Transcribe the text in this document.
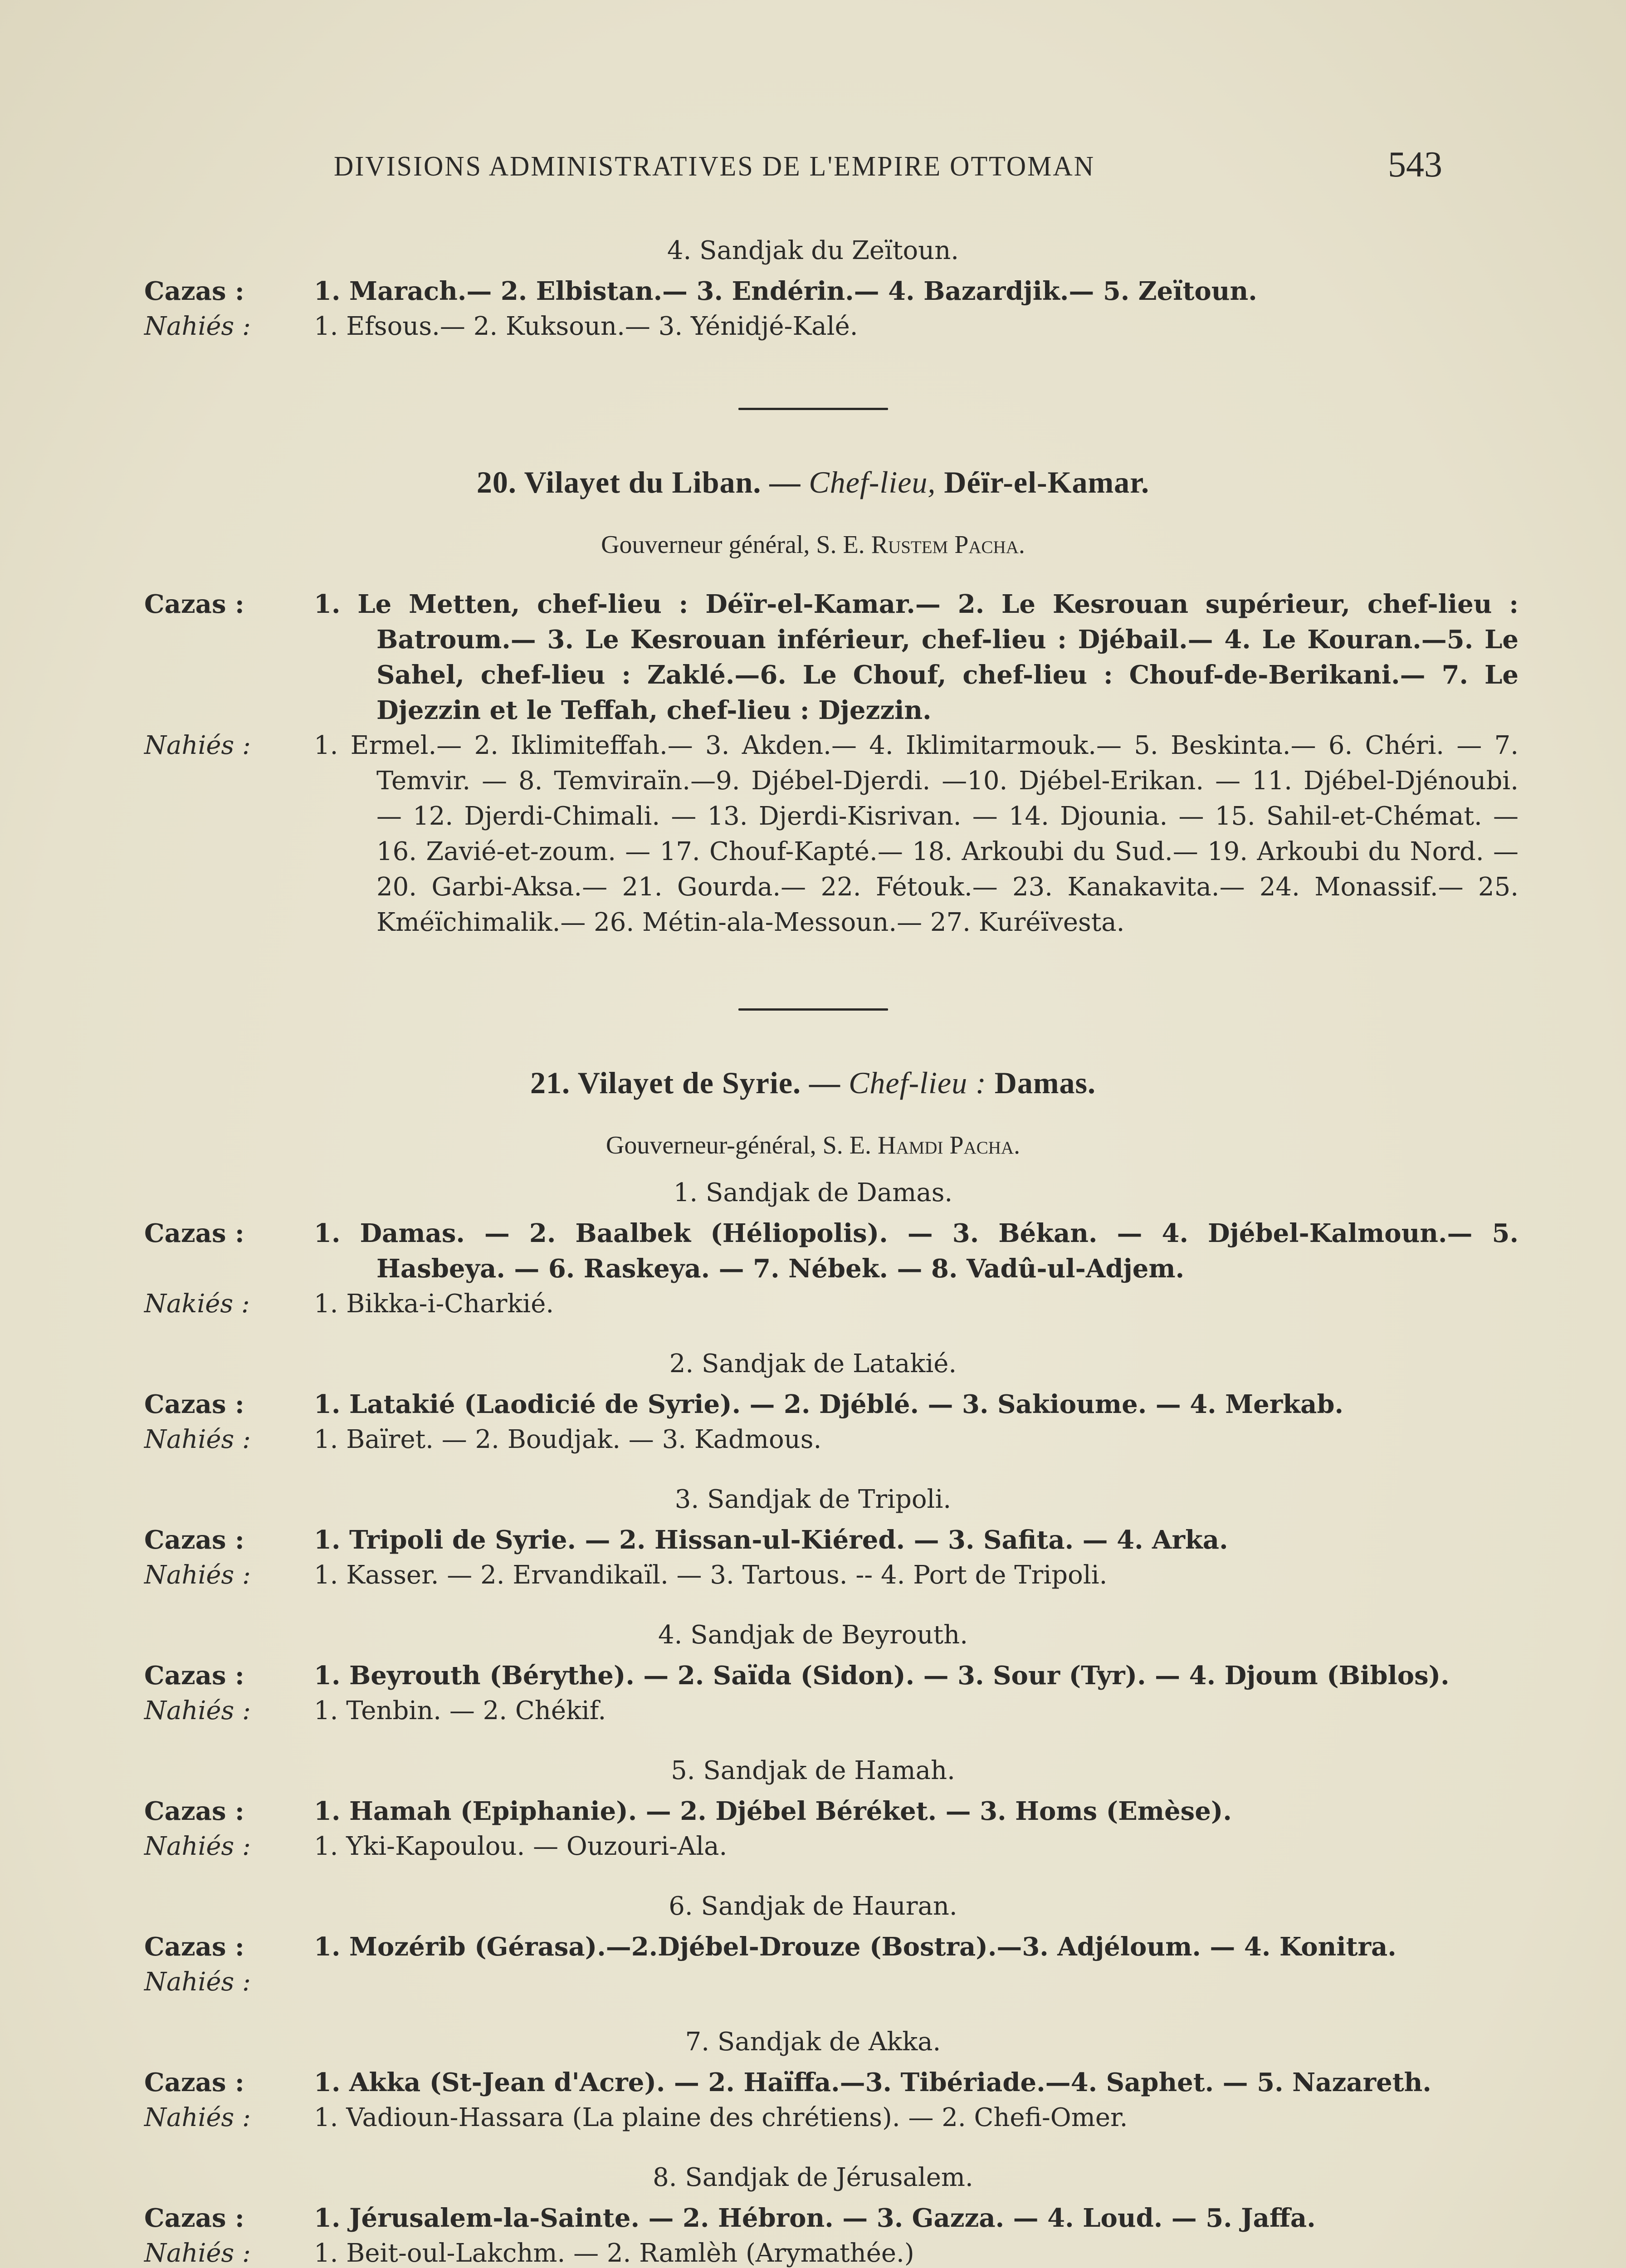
DIVISIONS ADMINISTRATIVES DE L'EMPIRE OTTOMAN	543

4. Sandjak du Zeïtoun.

Cazas :	1. Marach.— 2. Elbistan.— 3. Endérin.— 4. Bazardjik.— 5. Zeïtoun.
Nahiés :	1. Efsous.— 2. Kuksoun.— 3. Yénidjé-Kalé.

20. Vilayet du Liban. — Chef-lieu, Déïr-el-Kamar.

Gouverneur général, S. E. Rustem Pacha.

Cazas :	1. Le Metten, chef-lieu : Déïr-el-Kamar.— 2. Le Kesrouan supérieur, chef-lieu : Batroum.— 3. Le Kesrouan inférieur, chef-lieu : Djébail.— 4. Le Kouran.—5. Le Sahel, chef-lieu : Zaklé.—6. Le Chouf, chef-lieu : Chouf-de-Berikani.— 7. Le Djezzin et le Teffah, chef-lieu : Djezzin.
Nahiés :	1. Ermel.— 2. Iklimiteffah.— 3. Akden.— 4. Iklimitarmouk.— 5. Beskinta.— 6. Chéri. — 7. Temvir. — 8. Temviraïn.—9. Djébel-Djerdi. —10. Djébel-Erikan. — 11. Djébel-Djénoubi. — 12. Djerdi-Chimali. — 13. Djerdi-Kisrivan. — 14. Djounia. — 15. Sahil-et-Chémat. — 16. Zavié-et-zoum. — 17. Chouf-Kapté.— 18. Arkoubi du Sud.— 19. Arkoubi du Nord. — 20. Garbi-Aksa.— 21. Gourda.— 22. Fétouk.— 23. Kanakavita.— 24. Monassif.— 25. Kméïchimalik.— 26. Métin-ala-Messoun.— 27. Kuréïvesta.

21. Vilayet de Syrie. — Chef-lieu : Damas.

Gouverneur-général, S. E. Hamdi Pacha.

1. Sandjak de Damas.

Cazas :	1. Damas. — 2. Baalbek (Héliopolis). — 3. Békan. — 4. Djébel-Kalmoun.— 5. Hasbeya. — 6. Raskeya. — 7. Nébek. — 8. Vadû-ul-Adjem.
Nakiés :	1. Bikka-i-Charkié.

2. Sandjak de Latakié.

Cazas :	1. Latakié (Laodicié de Syrie). — 2. Djéblé. — 3. Sakioume. — 4. Merkab.
Nahiés :	1. Baïret. — 2. Boudjak. — 3. Kadmous.

3. Sandjak de Tripoli.

Cazas :	1. Tripoli de Syrie. — 2. Hissan-ul-Kiéred. — 3. Safita. — 4. Arka.
Nahiés :	1. Kasser. — 2. Ervandikaïl. — 3. Tartous. -- 4. Port de Tripoli.

4. Sandjak de Beyrouth.

Cazas :	1. Beyrouth (Bérythe). — 2. Saïda (Sidon). — 3. Sour (Tyr). — 4. Djoum (Biblos).
Nahiés :	1. Tenbin. — 2. Chékif.

5. Sandjak de Hamah.

Cazas :	1. Hamah (Epiphanie). — 2. Djébel Béréket. — 3. Homs (Emèse).
Nahiés :	1. Yki-Kapoulou. — Ouzouri-Ala.

6. Sandjak de Hauran.

Cazas :	1. Mozérib (Gérasa).—2.Djébel-Drouze (Bostra).—3. Adjéloum. — 4. Konitra.
Nahiés :

7. Sandjak de Akka.

Cazas :	1. Akka (St-Jean d'Acre). — 2. Haïffa.—3. Tibériade.—4. Saphet. — 5. Nazareth.
Nahiés :	1. Vadioun-Hassara (La plaine des chrétiens). — 2. Chefi-Omer.

8. Sandjak de Jérusalem.

Cazas :	1. Jérusalem-la-Sainte. — 2. Hébron. — 3. Gazza. — 4. Loud. — 5. Jaffa.
Nahiés :	1. Beit-oul-Lakchm. — 2. Ramlèh (Arymathée.)
